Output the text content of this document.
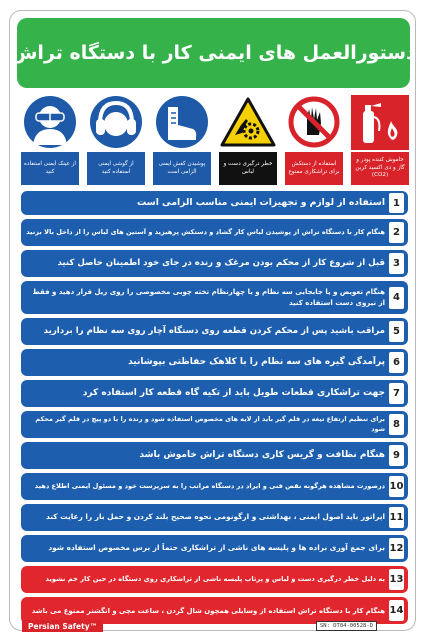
دستورالعمل های ایمنی کار با دستگاه تراش
خاموش کننده پودر و گاز و دی اکسید کربن (CO2)
استفاده از دستکش برای تراشکاری ممنوع
خطر درگیری دست و لباس
پوشیدن کفش ایمنی الزامی است
از گوشی ایمنی استفاده کنید
از عینک ایمنی استفاده کنید
1
استفاده از لوازم و تجهیزات ایمنی مناسب الزامی است
2
هنگام کار با دستگاه تراش از پوشیدن لباس کار گشاد و دستکش پرهیزید و آستین های لباس را از داخل بالا بزنید
3
قبل از شروع کار از محکم بودن مرغک و رنده در جای خود اطمینان حاصل کنید
4
هنگام تعویض و یا جابجایی سه نظام و یا چهارنظام تخته چوبی مخصوصی را روی ریل قرار دهید و فقط از نیروی دست استفاده کنید
5
مراقب باشید پس از محکم کردن قطعه روی دستگاه آچار روی سه نظام را بردارید
6
پرآمدگی گیره های سه نظام را با کلاهک حفاظتی بپوشانید
7
جهت تراشکاری قطعات طویل باید از تکیه گاه قطعه کار استفاده کرد
8
برای تنظیم ارتفاع تیغه در قلم گیر باید از لایه های مخصوص استفاده شود و رنده را با دو پیچ در قلم گیر محکم شود
9
هنگام نظافت و گریس کاری دستگاه تراش خاموش باشد
10
درصورت مشاهده هرگونه نقص فنی و ایراد در دستگاه مراتب را به سرپرست خود و مسئول ایمنی اطلاع دهید
11
اپراتور باید اصول ایمنی ، بهداشتی و ارگونومی نحوه صحیح بلند کردن و حمل بار را رعایت کند
12
برای جمع آوری براده ها و پلیسه های ناشی از تراشکاری حتماً از برس مخصوص استفاده شود
13
به دلیل خطر درگیری دست و لباس و پرتاب پلیسه ناشی از تراشکاری روی دستگاه در حین کار خم نشوید
14
هنگام کار با دستگاه تراش استفاده از وسایلی همچون شال گردن ، ساعت مچی و انگشتر ممنوع می باشد
Persian Safety™	SN: DT04-00528-D
